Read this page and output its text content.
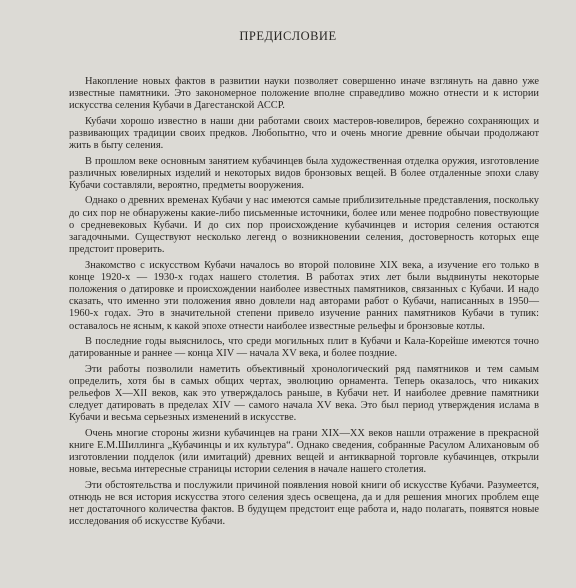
ПРЕДИСЛОВИЕ

Накопление новых фактов в развитии науки позволяет совершенно иначе взглянуть на давно уже известные памятники. Это закономерное положение вполне справедливо можно отнести и к истории искусства селения Кубачи в Дагестанской АССР.

Кубачи хорошо известно в наши дни работами своих мастеров-ювелиров, бережно сохраняющих и развивающих традиции своих предков. Любопытно, что и очень многие древние обычаи продолжают жить в быту селения.

В прошлом веке основным занятием кубачинцев была художественная отделка оружия, изготовление различных ювелирных изделий и некоторых видов бронзовых вещей. В более отдаленные эпохи славу Кубачи составляли, вероятно, предметы вооружения.

Однако о древних временах Кубачи у нас имеются самые приблизительные представления, поскольку до сих пор не обнаружены какие-либо письменные источники, более или менее подробно повествующие о средневековых Кубачи. И до сих пор происхождение кубачинцев и история селения остаются загадочными. Существуют несколько легенд о возникновении селения, достоверность которых еще предстоит проверить.

Знакомство с искусством Кубачи началось во второй половине XIX века, а изучение его только в конце 1920-х — 1930-х годах нашего столетия. В работах этих лет были выдвинуты некоторые положения о датировке и происхождении наиболее известных памятников, связанных с Кубачи. И надо сказать, что именно эти положения явно довлели над авторами работ о Кубачи, написанных в 1950—1960-х годах. Это в значительной степени привело изучение ранних памятников Кубачи в тупик: оставалось не ясным, к какой эпохе отнести наиболее известные рельефы и бронзовые котлы.

В последние годы выяснилось, что среди могильных плит в Кубачи и Кала-Корейше имеются точно датированные и раннее — конца XIV — начала XV века, и более поздние.

Эти работы позволили наметить объективный хронологический ряд памятников и тем самым определить, хотя бы в самых общих чертах, эволюцию орнамента. Теперь оказалось, что никаких рельефов X—XII веков, как это утверждалось раньше, в Кубачи нет. И наиболее древние памятники следует датировать в пределах XIV — самого начала XV века. Это был период утверждения ислама в Кубачи и весьма серьезных изменений в искусстве.

Очень многие стороны жизни кубачинцев на грани XIX—XX веков нашли отражение в прекрасной книге Е.М.Шиллинга „Кубачинцы и их культура“. Однако сведения, собранные Расулом Алихановым об изготовлении подделок (или имитаций) древних вещей и антикварной торговле кубачинцев, открыли новые, весьма интересные страницы истории селения в начале нашего столетия.

Эти обстоятельства и послужили причиной появления новой книги об искусстве Кубачи. Разумеется, отнюдь не вся история искусства этого селения здесь освещена, да и для решения многих проблем еще нет достаточного количества фактов. В будущем предстоит еще работа и, надо полагать, появятся новые исследования об искусстве Кубачи.
